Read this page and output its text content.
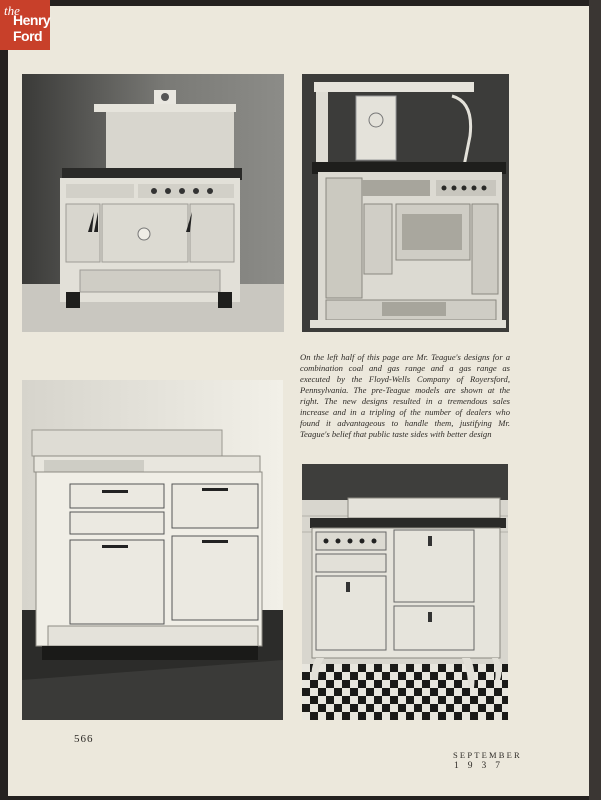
On the left half of this page are Mr. Teague's designs for a combination coal and gas range and a gas range as executed by the Floyd-Wells Company of Royersford, Pennsylvania. The pre-Teague models are shown at the right. The new designs resulted in a tremendous sales increase and in a tripling of the number of dealers who found it advantageous to handle them, justifying Mr. Teague's belief that public taste sides with better design

566
SEPTEMBER
1937
the
Henry
Ford
